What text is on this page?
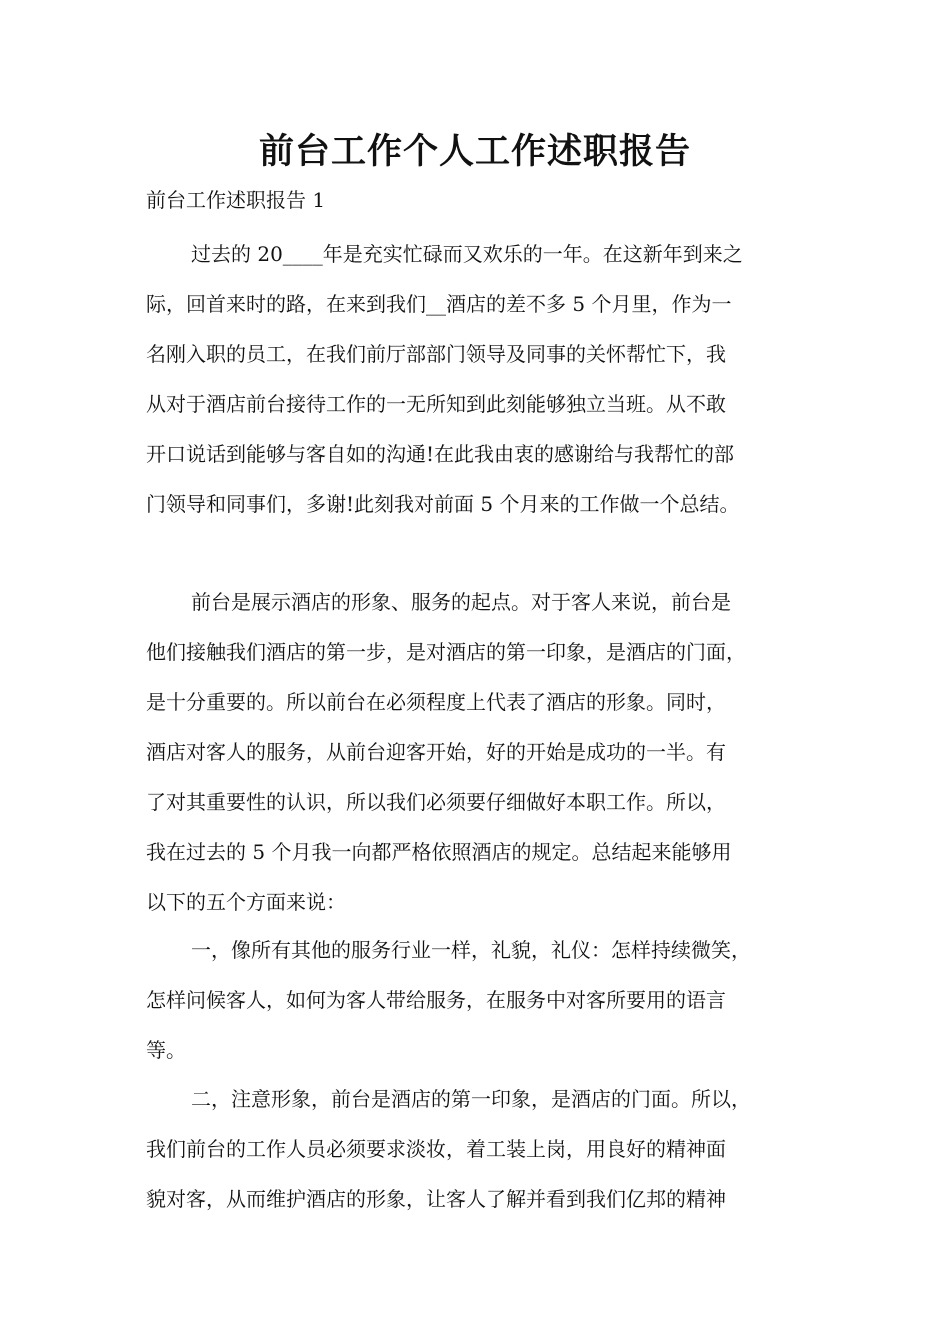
前台工作个人工作述职报告

前台工作述职报告 1

过去的 20____年是充实忙碌而又欢乐的一年。在这新年到来之
际，回首来时的路，在来到我们__酒店的差不多 5 个月里，作为一
名刚入职的员工，在我们前厅部部门领导及同事的关怀帮忙下，我
从对于酒店前台接待工作的一无所知到此刻能够独立当班。从不敢
开口说话到能够与客自如的沟通!在此我由衷的感谢给与我帮忙的部
门领导和同事们，多谢!此刻我对前面 5 个月来的工作做一个总结。
前台是展示酒店的形象、服务的起点。对于客人来说，前台是
他们接触我们酒店的第一步，是对酒店的第一印象，是酒店的门面，
是十分重要的。所以前台在必须程度上代表了酒店的形象。同时，
酒店对客人的服务，从前台迎客开始，好的开始是成功的一半。有
了对其重要性的认识，所以我们必须要仔细做好本职工作。所以，
我在过去的 5 个月我一向都严格依照酒店的规定。总结起来能够用
以下的五个方面来说：
一，像所有其他的服务行业一样，礼貌，礼仪：怎样持续微笑，
怎样问候客人，如何为客人带给服务，在服务中对客所要用的语言
等。
二，注意形象，前台是酒店的第一印象，是酒店的门面。所以，
我们前台的工作人员必须要求淡妆，着工装上岗，用良好的精神面
貌对客，从而维护酒店的形象，让客人了解并看到我们亿邦的精神
